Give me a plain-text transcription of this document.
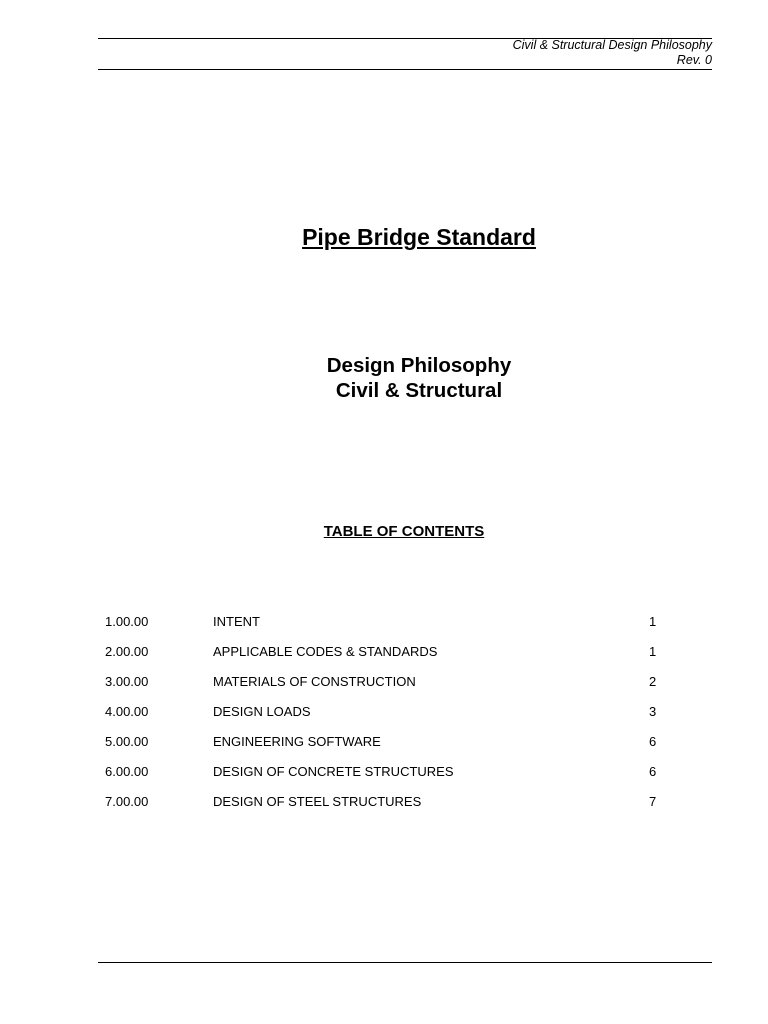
Civil & Structural Design Philosophy
Rev. 0
Pipe Bridge Standard
Design Philosophy
Civil & Structural
TABLE OF CONTENTS
1.00.00	INTENT	1
2.00.00	APPLICABLE CODES & STANDARDS	1
3.00.00	MATERIALS OF CONSTRUCTION	2
4.00.00	DESIGN LOADS	3
5.00.00	ENGINEERING SOFTWARE	6
6.00.00	DESIGN OF CONCRETE STRUCTURES	6
7.00.00	DESIGN OF STEEL STRUCTURES	7
